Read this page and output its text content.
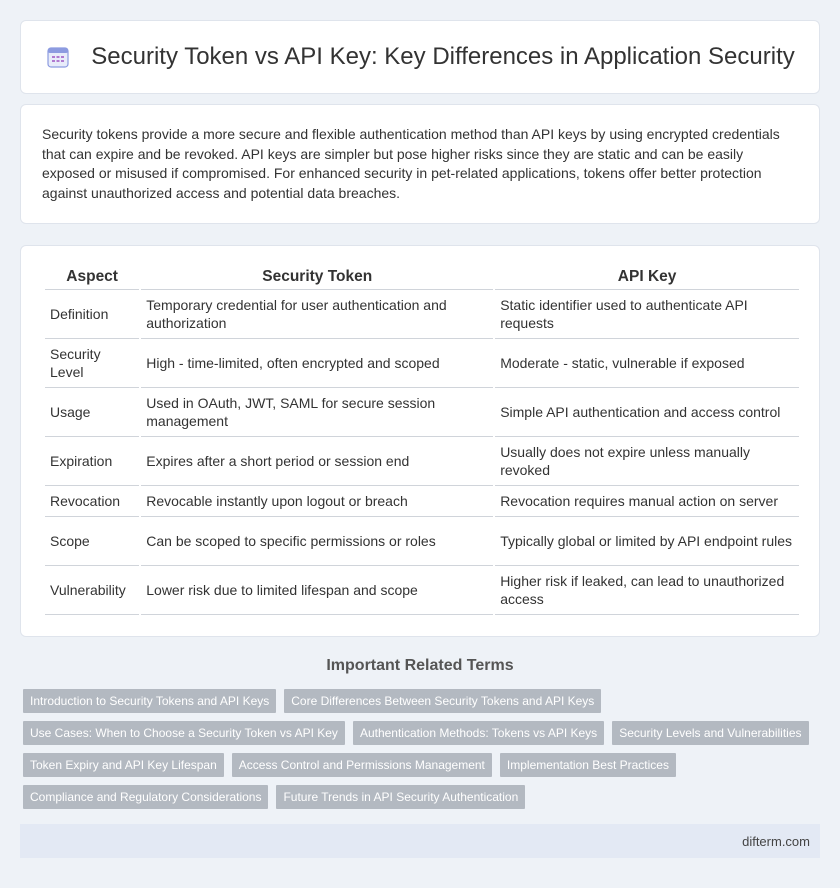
Security Token vs API Key: Key Differences in Application Security

Security tokens provide a more secure and flexible authentication method than API keys by using encrypted credentials that can expire and be revoked. API keys are simpler but pose higher risks since they are static and can be easily exposed or misused if compromised. For enhanced security in pet-related applications, tokens offer better protection against unauthorized access and potential data breaches.

Aspect	Security Token	API Key
Definition	Temporary credential for user authentication and authorization	Static identifier used to authenticate API requests
Security Level	High - time-limited, often encrypted and scoped	Moderate - static, vulnerable if exposed
Usage	Used in OAuth, JWT, SAML for secure session management	Simple API authentication and access control
Expiration	Expires after a short period or session end	Usually does not expire unless manually revoked
Revocation	Revocable instantly upon logout or breach	Revocation requires manual action on server
Scope	Can be scoped to specific permissions or roles	Typically global or limited by API endpoint rules
Vulnerability	Lower risk due to limited lifespan and scope	Higher risk if leaked, can lead to unauthorized access
Important Related Terms
Introduction to Security Tokens and API Keys	Core Differences Between Security Tokens and API Keys
Use Cases: When to Choose a Security Token vs API Key	Authentication Methods: Tokens vs API Keys	Security Levels and Vulnerabilities
Token Expiry and API Key Lifespan	Access Control and Permissions Management	Implementation Best Practices
Compliance and Regulatory Considerations	Future Trends in API Security Authentication
difterm.com
